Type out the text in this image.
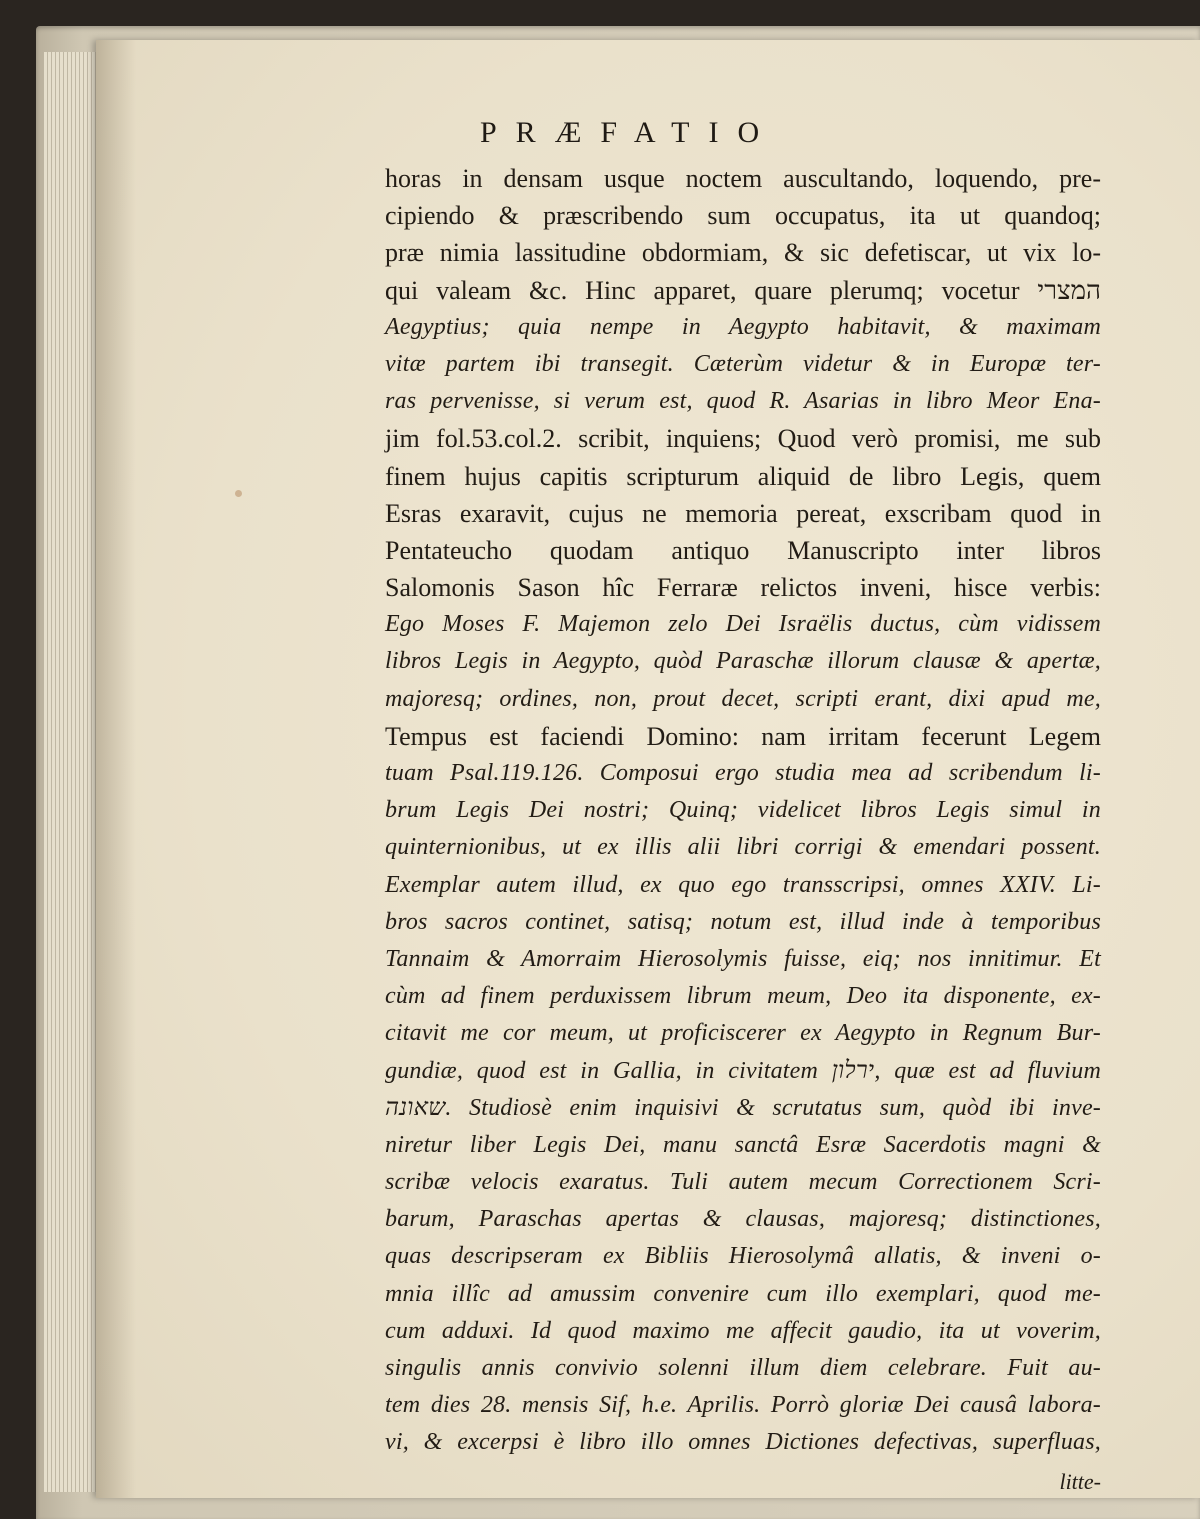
PRÆFATIO
horas in densam usque noctem auscultando, loquendo, pre-
cipiendo & præscribendo sum occupatus, ita ut quandoq;
præ nimia lassitudine obdormiam, & sic defetiscar, ut vix lo-
qui valeam &c. Hinc apparet, quare plerumq; vocetur המצרי
Aegyptius; quia nempe in Aegypto habitavit, & maximam
vitæ partem ibi transegit. Cæterùm videtur & in Europæ ter-
ras pervenisse, si verum est, quod R. Asarias in libro Meor Ena-
jim fol.53.col.2. scribit, inquiens; Quod verò promisi, me sub
finem hujus capitis scripturum aliquid de libro Legis, quem
Esras exaravit, cujus ne memoria pereat, exscribam quod in
Pentateucho quodam antiquo Manuscripto inter libros
Salomonis Sason hîc Ferraræ relictos inveni, hisce verbis:
Ego Moses F. Majemon zelo Dei Israëlis ductus, cùm vidissem
libros Legis in Aegypto, quòd Paraschæ illorum clausæ & apertæ,
majoresq; ordines, non, prout decet, scripti erant, dixi apud me,
Tempus est faciendi Domino: nam irritam fecerunt Legem
tuam Psal.119.126. Composui ergo studia mea ad scribendum li-
brum Legis Dei nostri; Quinq; videlicet libros Legis simul in
quinternionibus, ut ex illis alii libri corrigi & emendari possent.
Exemplar autem illud, ex quo ego transscripsi, omnes XXIV. Li-
bros sacros continet, satisq; notum est, illud inde à temporibus
Tannaim & Amorraim Hierosolymis fuisse, eiq; nos innitimur. Et
cùm ad finem perduxissem librum meum, Deo ita disponente, ex-
citavit me cor meum, ut proficiscerer ex Aegypto in Regnum Bur-
gundiæ, quod est in Gallia, in civitatem ירלון, quæ est ad fluvium
שאונה. Studiosè enim inquisivi & scrutatus sum, quòd ibi inve-
niretur liber Legis Dei, manu sanctâ Esræ Sacerdotis magni &
scribæ velocis exaratus. Tuli autem mecum Correctionem Scri-
barum, Paraschas apertas & clausas, majoresq; distinctiones,
quas descripseram ex Bibliis Hierosolymâ allatis, & inveni o-
mnia illîc ad amussim convenire cum illo exemplari, quod me-
cum adduxi. Id quod maximo me affecit gaudio, ita ut voverim,
singulis annis convivio solenni illum diem celebrare. Fuit au-
tem dies 28. mensis Sif, h.e. Aprilis. Porrò gloriæ Dei causâ labora-
vi, & excerpsi è libro illo omnes Dictiones defectivas, superfluas,
litte-
